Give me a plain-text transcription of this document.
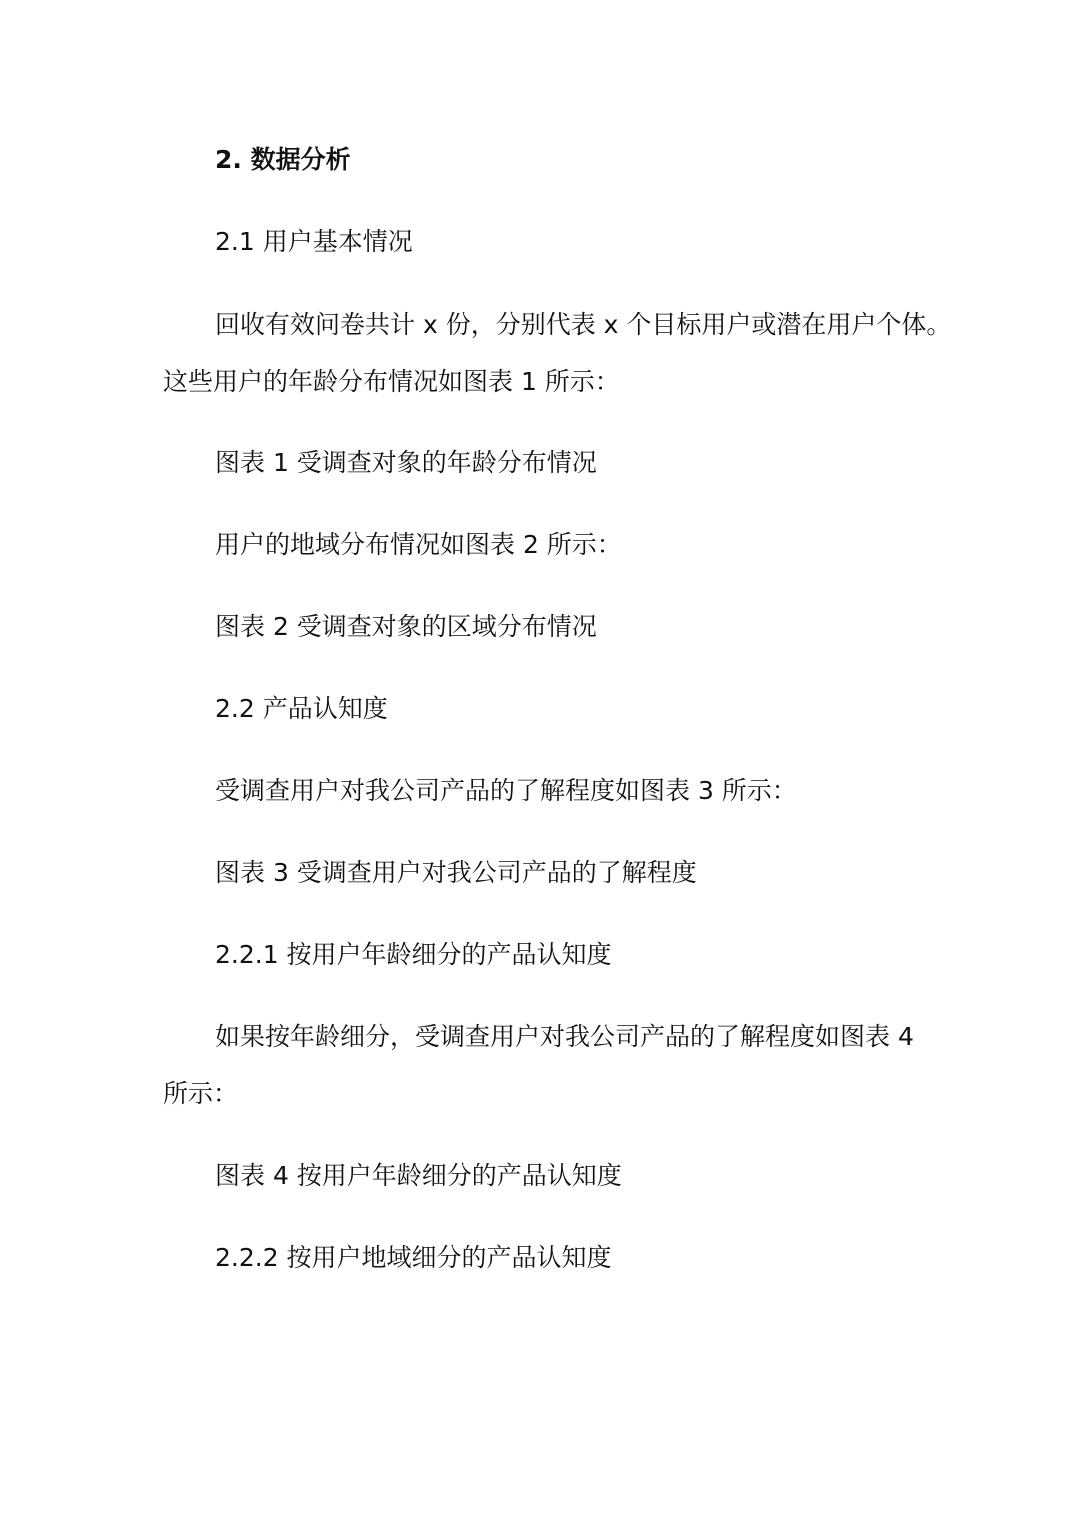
2. 数据分析

2.1 用户基本情况

回收有效问卷共计 x 份，分别代表 x 个目标用户或潜在用户个体。

这些用户的年龄分布情况如图表 1 所示：

图表 1 受调查对象的年龄分布情况

用户的地域分布情况如图表 2 所示：

图表 2 受调查对象的区域分布情况

2.2 产品认知度

受调查用户对我公司产品的了解程度如图表 3 所示：

图表 3 受调查用户对我公司产品的了解程度

2.2.1 按用户年龄细分的产品认知度

如果按年龄细分，受调查用户对我公司产品的了解程度如图表 4

所示：

图表 4 按用户年龄细分的产品认知度

2.2.2 按用户地域细分的产品认知度
